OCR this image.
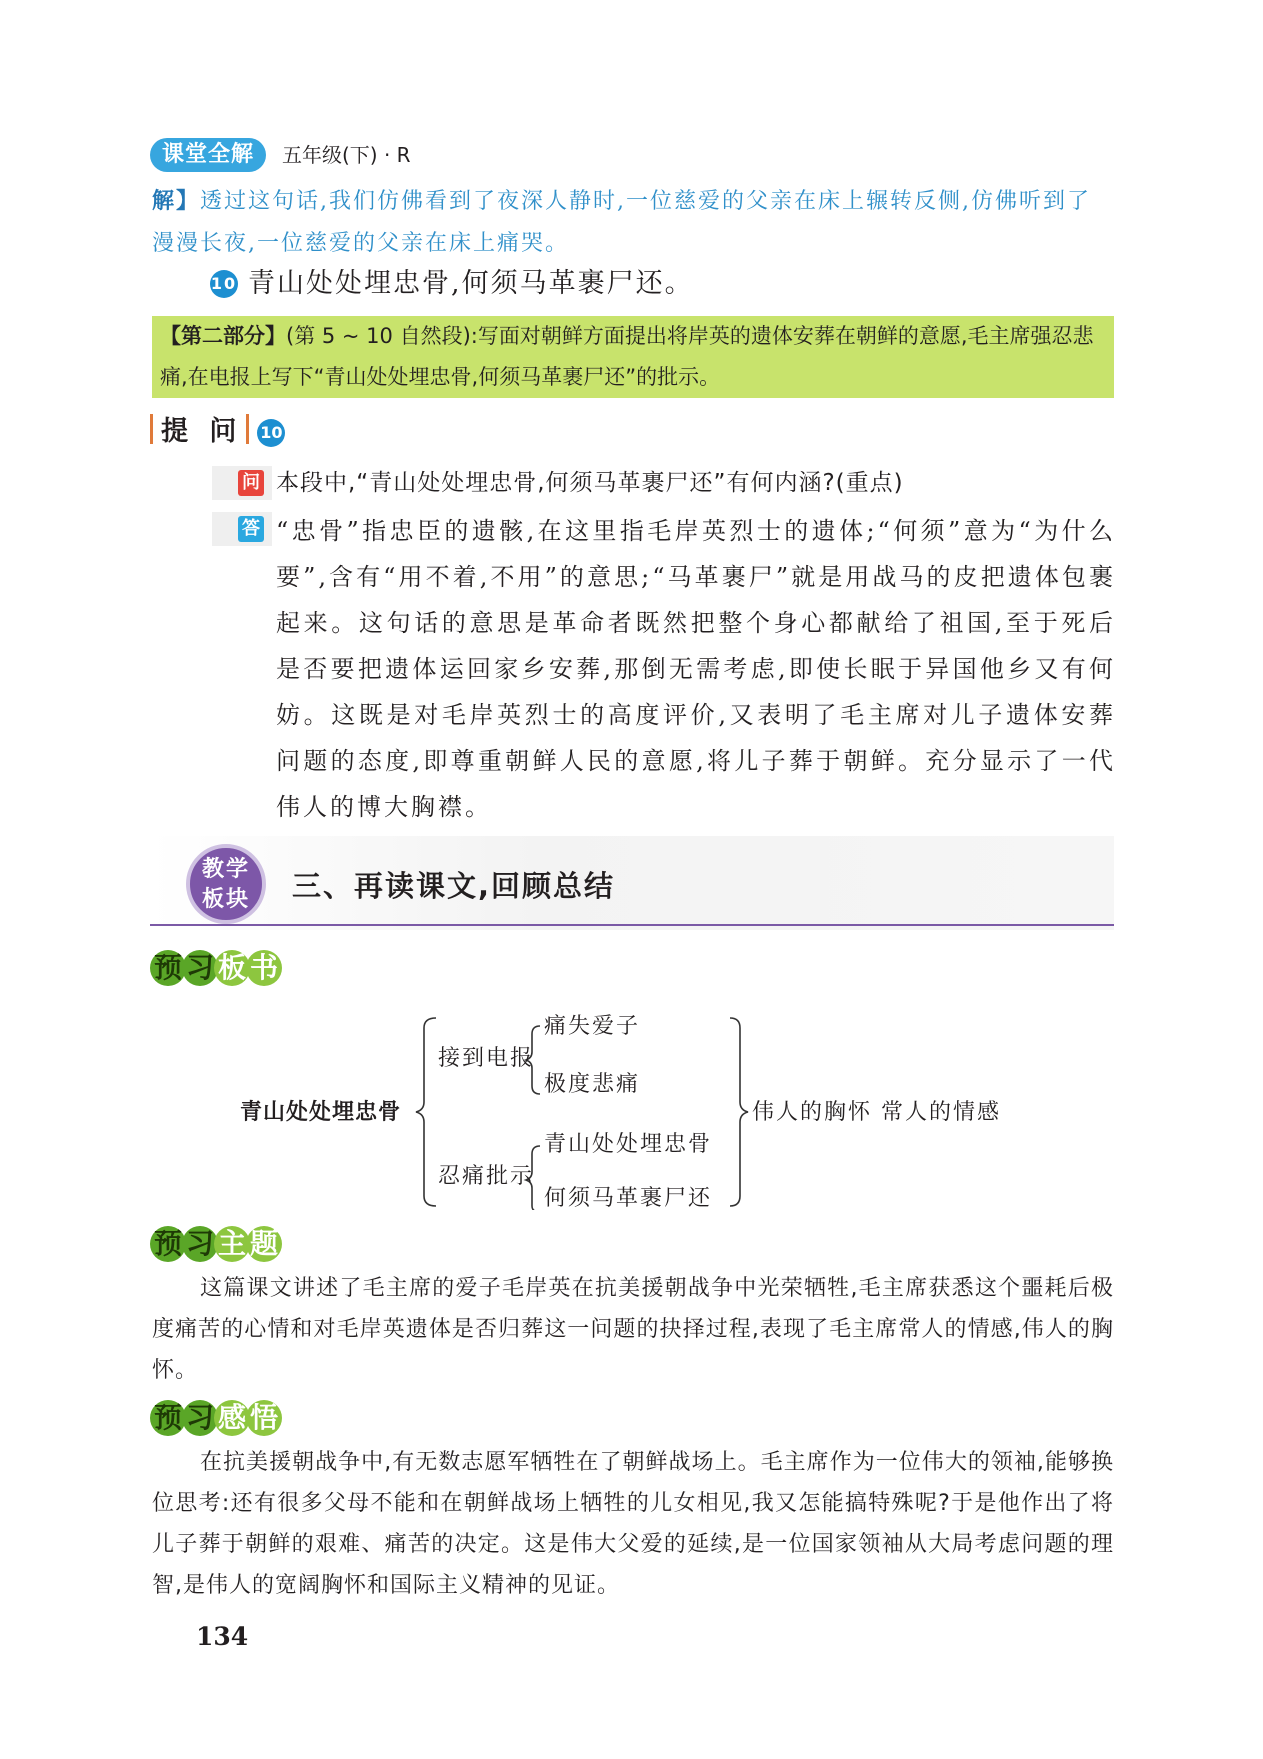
课堂全解	五年级(下) · R
解】透过这句话,我们仿佛看到了夜深人静时,一位慈爱的父亲在床上辗转反侧,仿佛听到了漫漫长夜,一位慈爱的父亲在床上痛哭。
10 青山处处埋忠骨,何须马革裹尸还。
【第二部分】(第 5 ~ 10 自然段):写面对朝鲜方面提出将岸英的遗体安葬在朝鲜的意愿,毛主席强忍悲痛,在电报上写下“青山处处埋忠骨,何须马革裹尸还”的批示。
提 问 10
问
答
本段中,“青山处处埋忠骨,何须马革裹尸还”有何内涵?(重点)
“忠骨”指忠臣的遗骸,在这里指毛岸英烈士的遗体;“何须”意为“为什么要”,含有“用不着,不用”的意思;“马革裹尸”就是用战马的皮把遗体包裹起来。这句话的意思是革命者既然把整个身心都献给了祖国,至于死后是否要把遗体运回家乡安葬,那倒无需考虑,即使长眠于异国他乡又有何妨。这既是对毛岸英烈士的高度评价,又表明了毛主席对儿子遗体安葬问题的态度,即尊重朝鲜人民的意愿,将儿子葬于朝鲜。充分显示了一代伟人的博大胸襟。
教学
板块	三、再读课文,回顾总结
预 习 板 书
青山处处埋忠骨
接到电报
痛失爱子
极度悲痛
忍痛批示
青山处处埋忠骨
何须马革裹尸还
伟人的胸怀 常人的情感
预 习 主 题
这篇课文讲述了毛主席的爱子毛岸英在抗美援朝战争中光荣牺牲,毛主席获悉这个噩耗后极度痛苦的心情和对毛岸英遗体是否归葬这一问题的抉择过程,表现了毛主席常人的情感,伟人的胸怀。
预 习 感 悟
在抗美援朝战争中,有无数志愿军牺牲在了朝鲜战场上。毛主席作为一位伟大的领袖,能够换位思考:还有很多父母不能和在朝鲜战场上牺牲的儿女相见,我又怎能搞特殊呢?于是他作出了将儿子葬于朝鲜的艰难、痛苦的决定。这是伟大父爱的延续,是一位国家领袖从大局考虑问题的理智,是伟人的宽阔胸怀和国际主义精神的见证。
134
